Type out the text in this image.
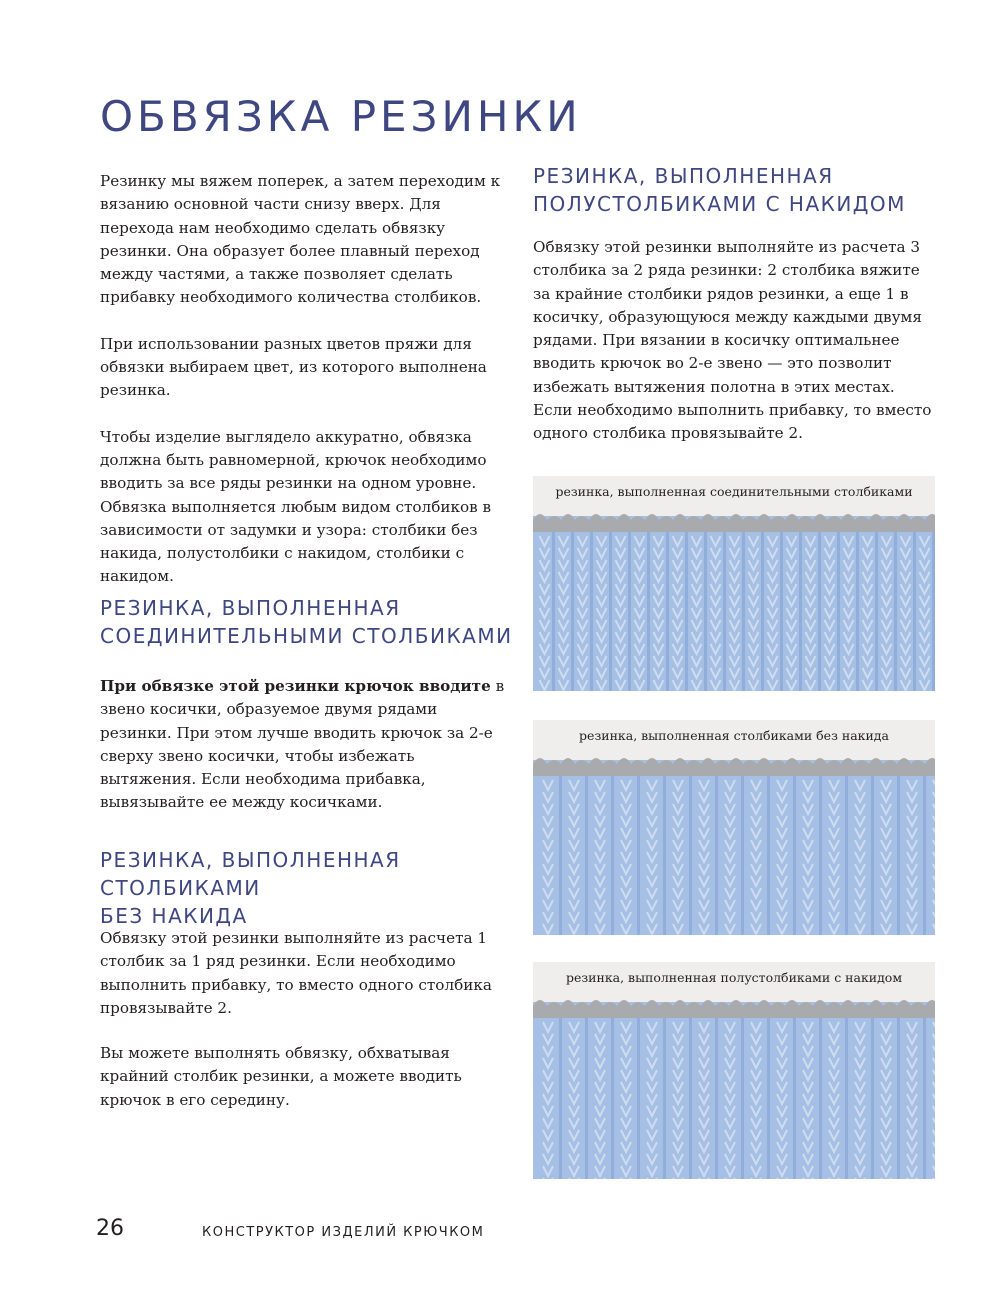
ОБВЯЗКА РЕЗИНКИ

Резинку мы вяжем поперек, а затем переходим к вязанию основной части снизу вверх. Для перехода нам необходимо сделать обвязку резинки. Она образует более плавный переход между частями, а также позволяет сделать прибавку необходимого количества столбиков.

При использовании разных цветов пряжи для обвязки выбираем цвет, из которого выполнена резинка.

Чтобы изделие выглядело аккуратно, обвязка должна быть равномерной, крючок необходимо вводить за все ряды резинки на одном уровне. Обвязка выполняется любым видом столбиков в зависимости от задумки и узора: столбики без накида, полустолбики с накидом, столбики с накидом.

РЕЗИНКА, ВЫПОЛНЕННАЯ
СОЕДИНИТЕЛЬНЫМИ СТОЛБИКАМИ

При обвязке этой резинки крючок вводите в звено косички, образуемое двумя рядами резинки. При этом лучше вводить крючок за 2-е сверху звено косички, чтобы избежать вытяжения. Если необходима прибавка, вывязывайте ее между косичками.

РЕЗИНКА, ВЫПОЛНЕННАЯ СТОЛБИКАМИ
БЕЗ НАКИДА

Обвязку этой резинки выполняйте из расчета 1 столбик за 1 ряд резинки. Если необходимо выполнить прибавку, то вместо одного столбика провязывайте 2.

Вы можете выполнять обвязку, обхватывая крайний столбик резинки, а можете вводить крючок в его середину.

РЕЗИНКА, ВЫПОЛНЕННАЯ
ПОЛУСТОЛБИКАМИ С НАКИДОМ

Обвязку этой резинки выполняйте из расчета 3 столбика за 2 ряда резинки: 2 столбика вяжите за крайние столбики рядов резинки, а еще 1 в косичку, образующуюся между каждыми двумя рядами. При вязании в косичку оптимальнее вводить крючок во 2-е звено — это позволит избежать вытяжения полотна в этих местах. Если необходимо выполнить прибавку, то вместо одного столбика провязывайте 2.

резинка, выполненная соединительными столбиками
резинка, выполненная столбиками без накида
резинка, выполненная полустолбиками с накидом
26	КОНСТРУКТОР ИЗДЕЛИЙ КРЮЧКОМ
